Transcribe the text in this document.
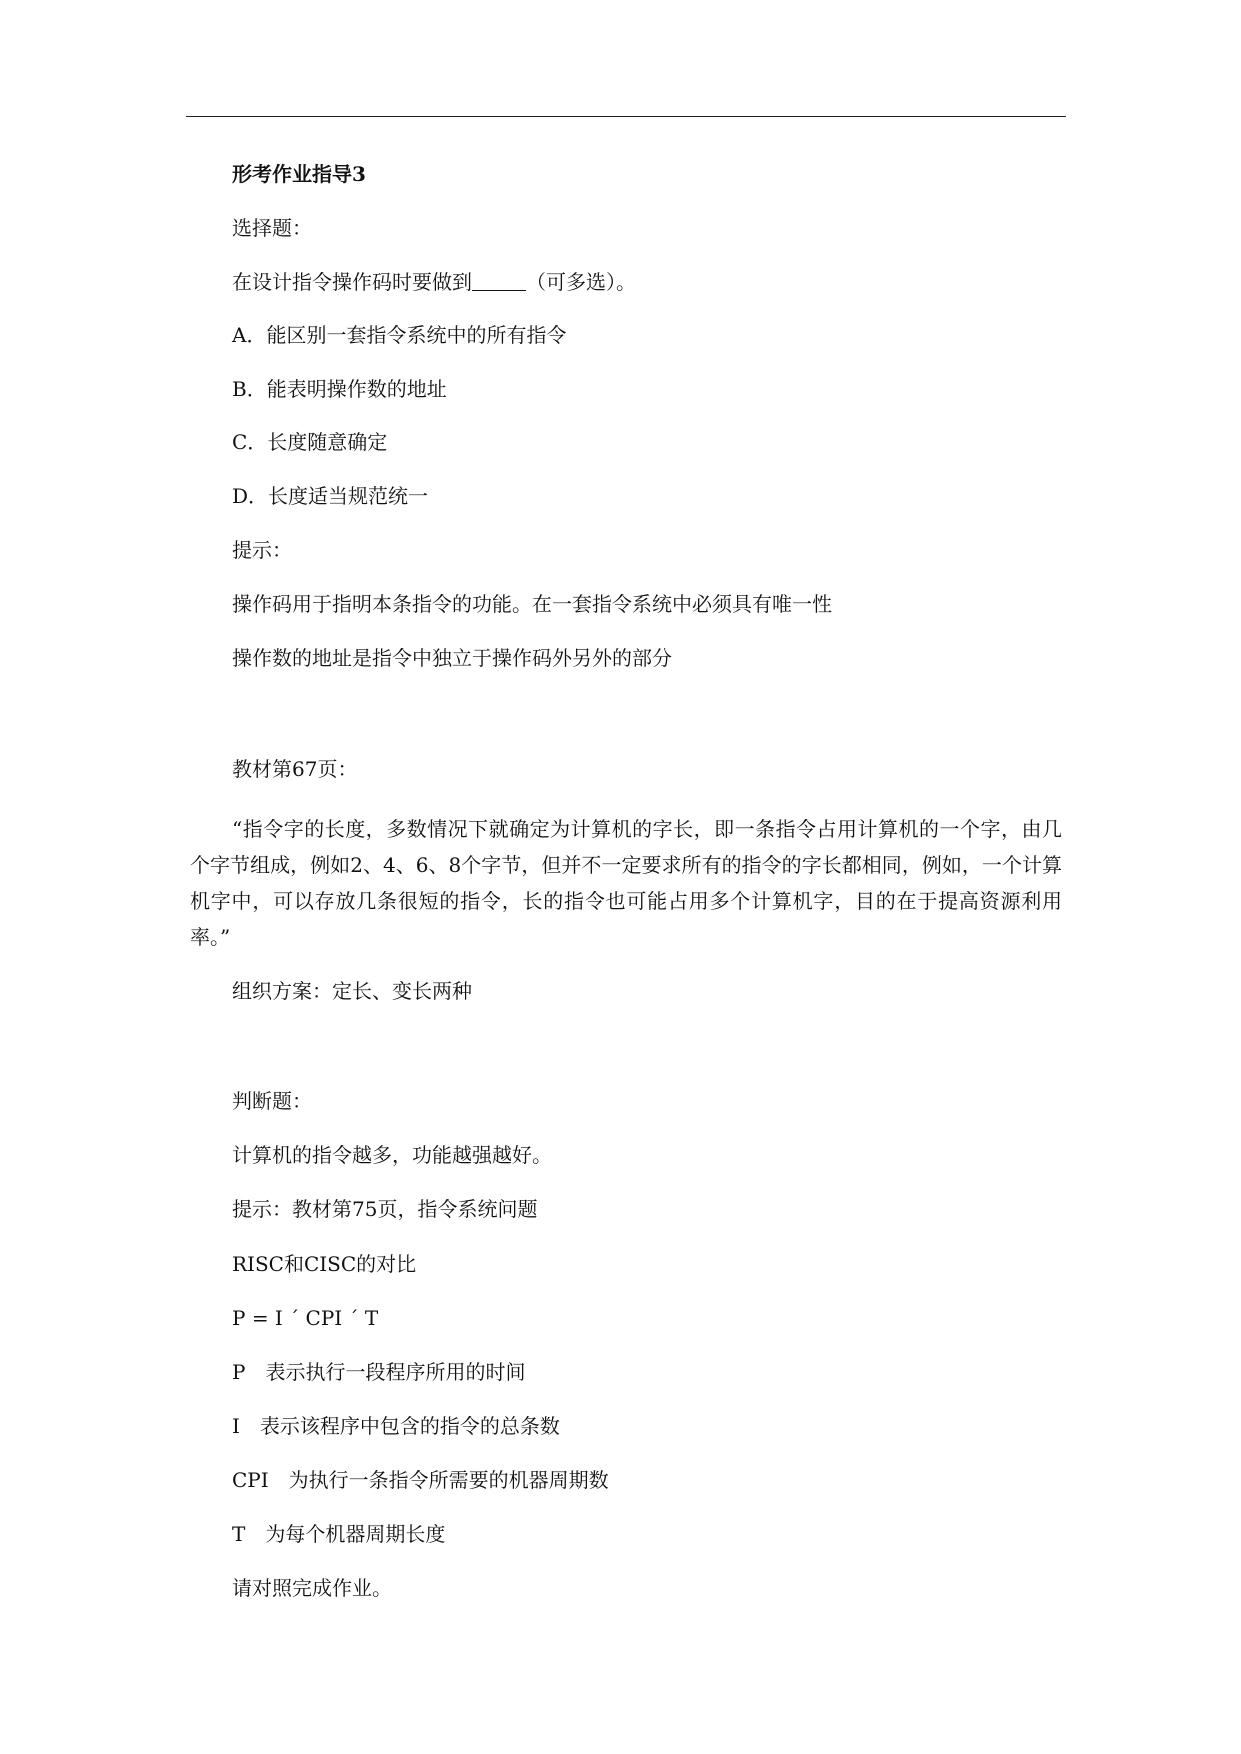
形考作业指导3
选择题：
在设计指令操作码时要做到	（可多选）。
A．能区别一套指令系统中的所有指令
B．能表明操作数的地址
C．长度随意确定
D．长度适当规范统一
提示：
操作码用于指明本条指令的功能。在一套指令系统中必须具有唯一性
操作数的地址是指令中独立于操作码外另外的部分
教材第67页：
“指令字的长度，多数情况下就确定为计算机的字长，即一条指令占用计算机的一个字，由几个字节组成，例如2、4、6、8个字节，但并不一定要求所有的指令的字长都相同，例如，一个计算机字中，可以存放几条很短的指令，长的指令也可能占用多个计算机字，目的在于提高资源利用率。”
组织方案：定长、变长两种
判断题：
计算机的指令越多，功能越强越好。
提示：教材第75页，指令系统问题
RISC和CISC的对比
P = I ´ CPI ´ T
P　表示执行一段程序所用的时间
I　表示该程序中包含的指令的总条数
CPI　为执行一条指令所需要的机器周期数
T　为每个机器周期长度
请对照完成作业。
